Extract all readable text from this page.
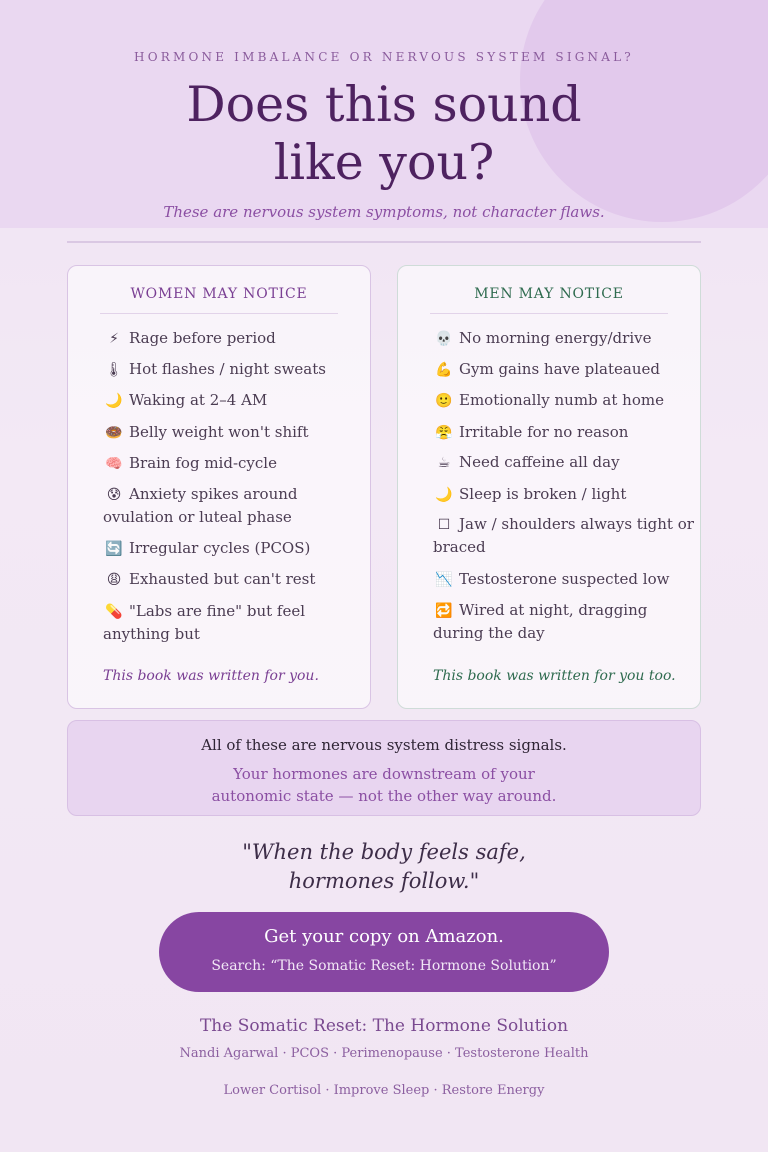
HORMONE IMBALANCE OR NERVOUS SYSTEM SIGNAL?
Does this sound
like you?
These are nervous system symptoms, not character flaws.
WOMEN MAY NOTICE
⚡ Rage before period
🌡 Hot flashes / night sweats
🌙 Waking at 2–4 AM
🍩 Belly weight won't shift
🧠 Brain fog mid-cycle
😰 Anxiety spikes around ovulation or luteal phase
🔄 Irregular cycles (PCOS)
😩 Exhausted but can't rest
💊 "Labs are fine" but feel anything but
This book was written for you.
MEN MAY NOTICE
💀 No morning energy/drive
💪 Gym gains have plateaued
🙂 Emotionally numb at home
😤 Irritable for no reason
☕ Need caffeine all day
🌙 Sleep is broken / light
☐ Jaw / shoulders always tight or braced
📉 Testosterone suspected low
🔁 Wired at night, dragging during the day
This book was written for you too.
All of these are nervous system distress signals.
Your hormones are downstream of your
autonomic state — not the other way around.
"When the body feels safe,
hormones follow."
Get your copy on Amazon.
Search: “The Somatic Reset: Hormone Solution”
The Somatic Reset: The Hormone Solution
Nandi Agarwal · PCOS · Perimenopause · Testosterone Health
Lower Cortisol · Improve Sleep · Restore Energy
